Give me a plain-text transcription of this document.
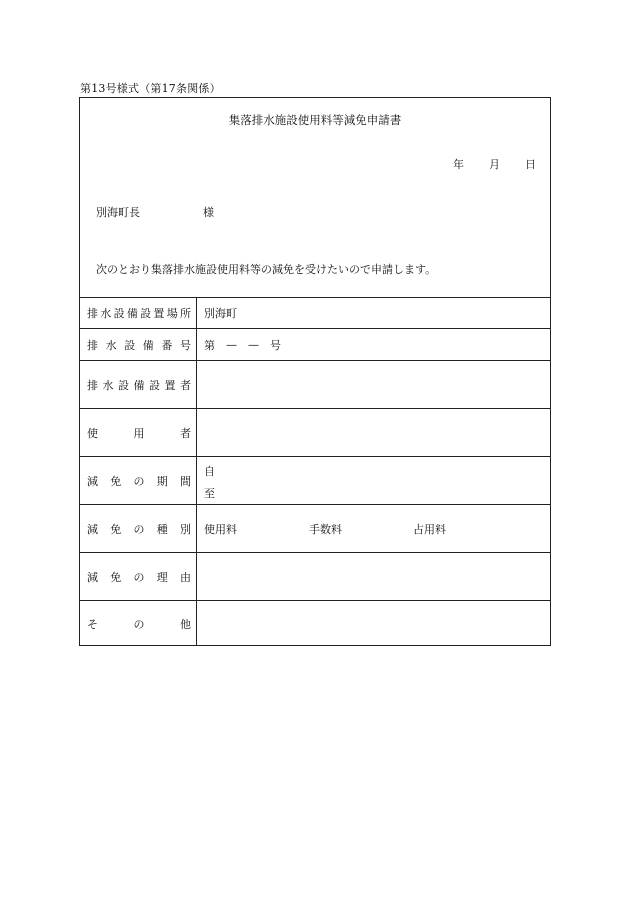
第13号様式（第17条関係）
集落排水施設使用料等減免申請書
年 月 日
別海町長	様
次のとおり集落排水施設使用料等の減免を受けたいので申請します。
排 水 設 備 設 置 場 所 別海町
排 水 設 備 番 号 第 — — 号
排 水 設 備 設 置 者
使	用	者
減 免 の 期 間
自
至
減 免 の 種 別 使用料	手数料	占用料
減 免 の 理 由
そ	の	他
